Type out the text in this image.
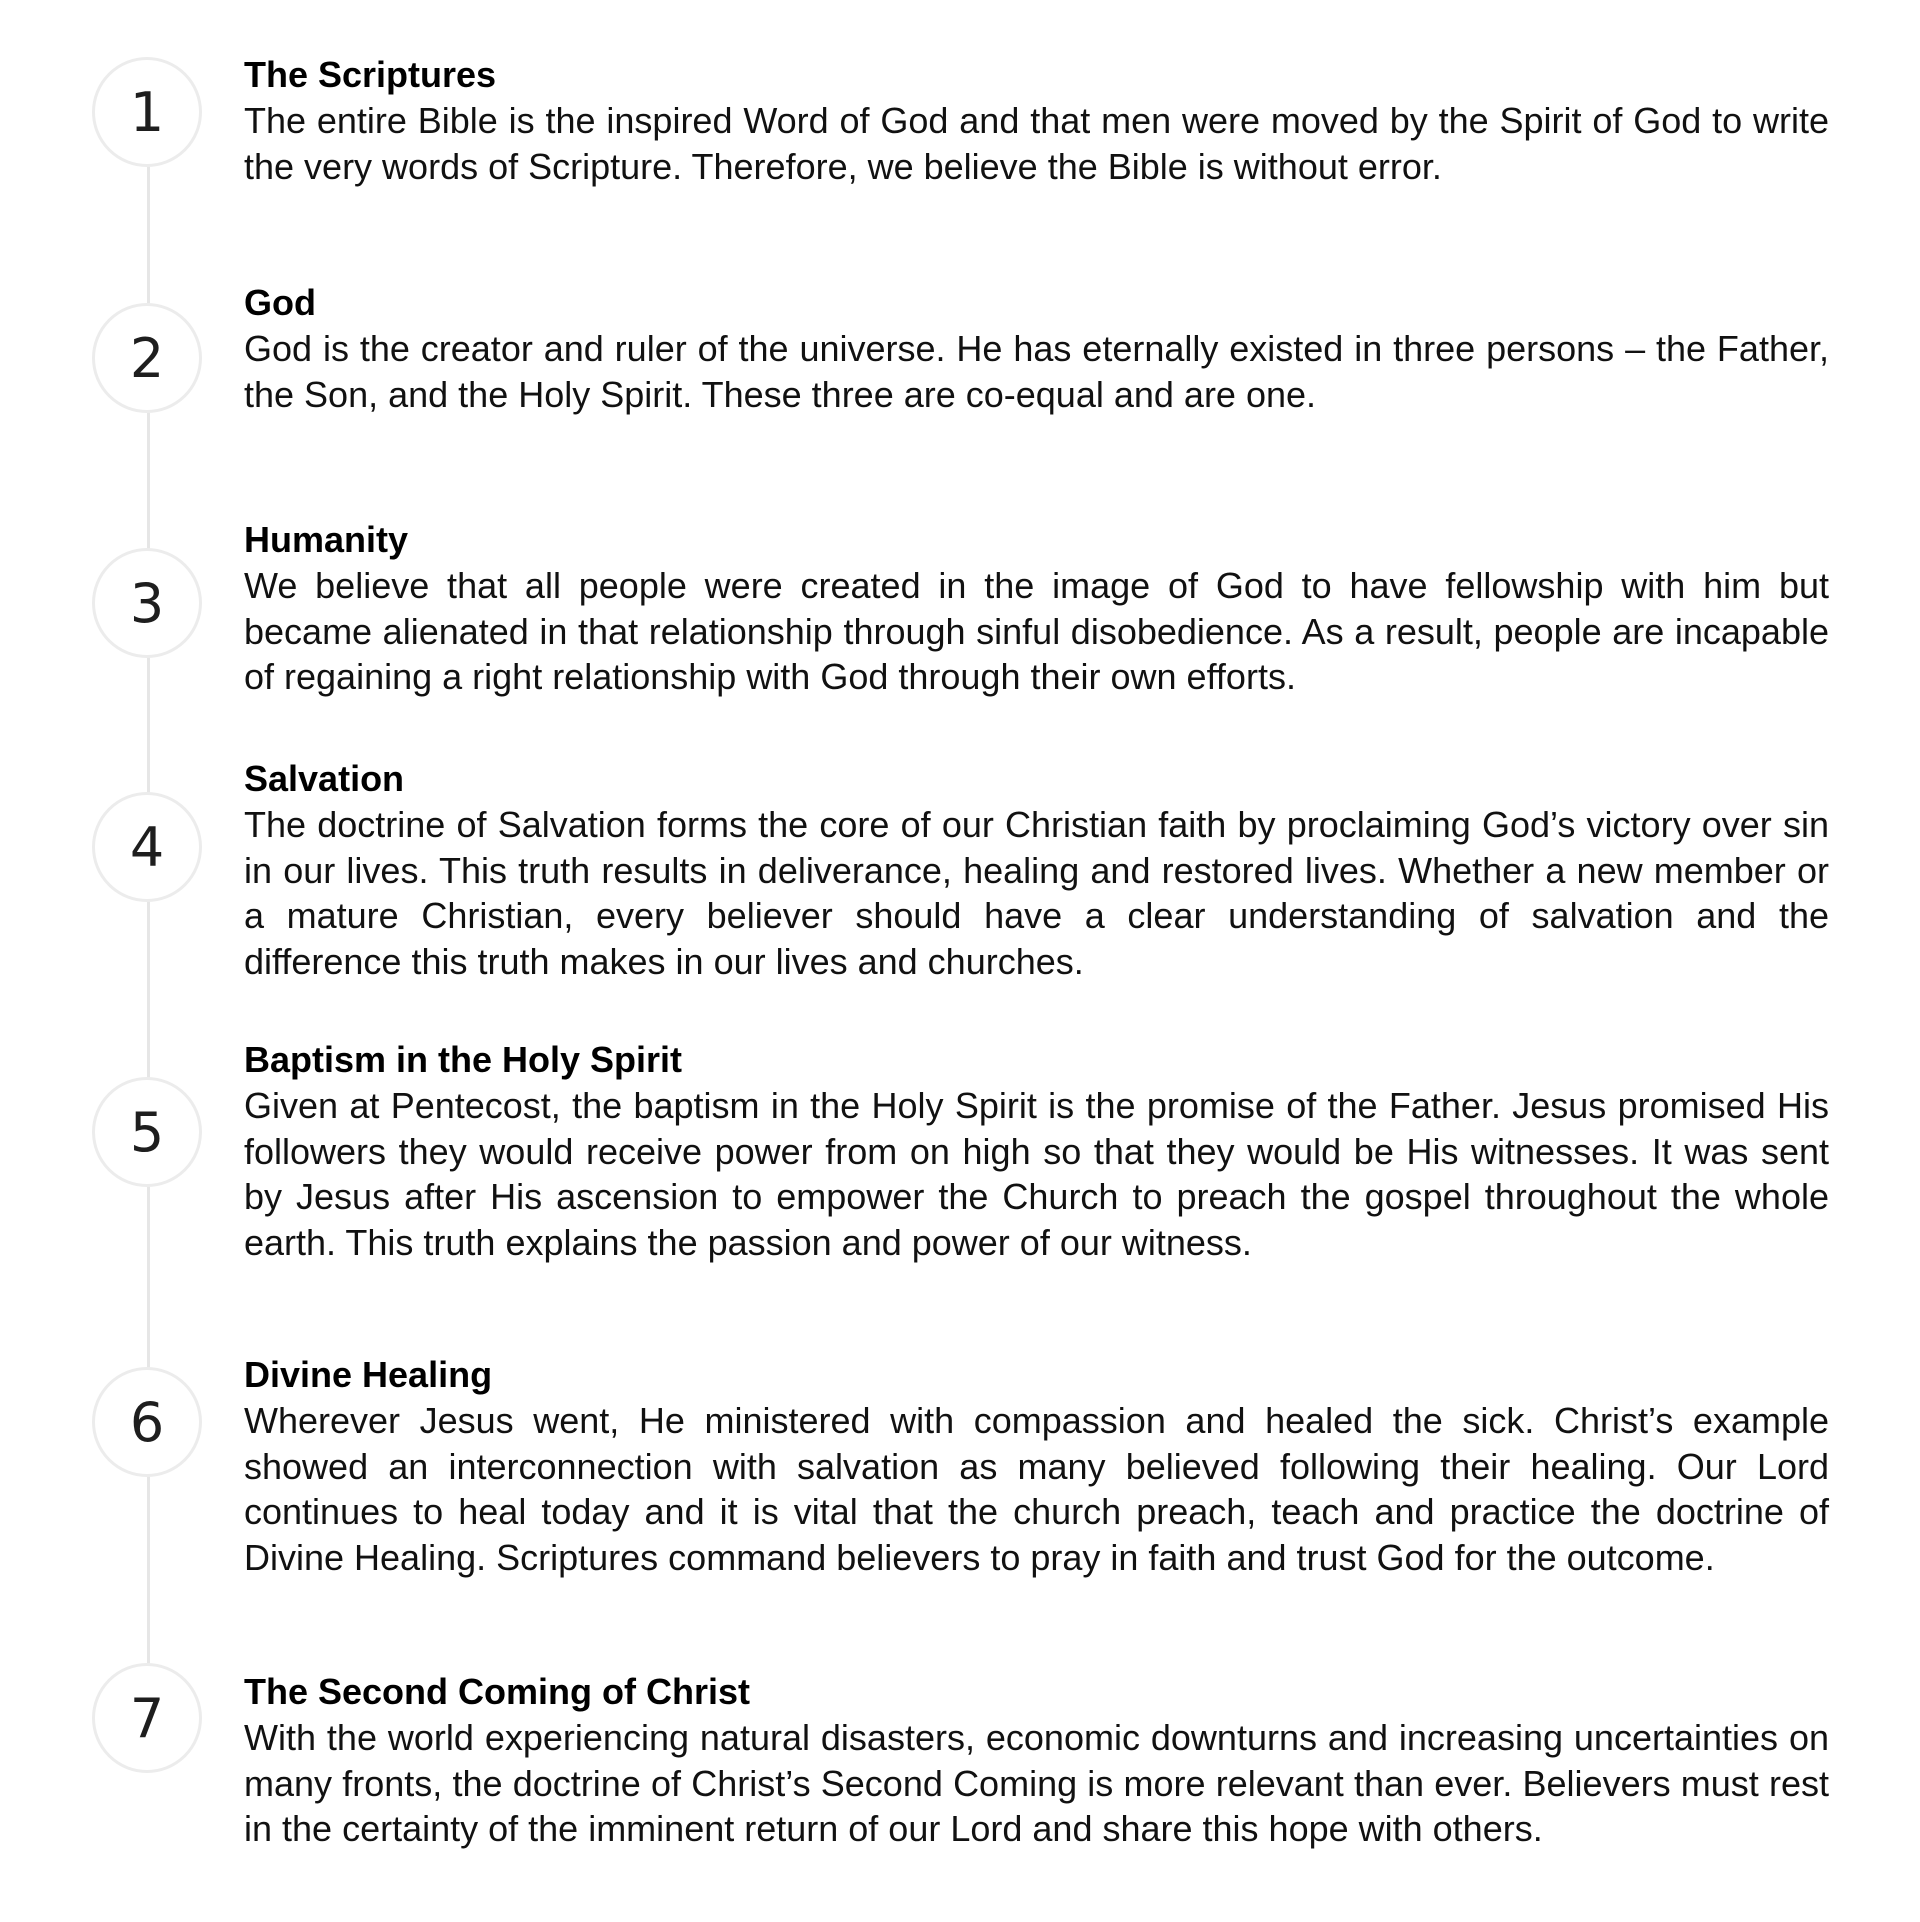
1
The Scriptures
The entire Bible is the inspired Word of God and that men were moved by the Spirit of God to write the very words of Scripture. Therefore, we believe the Bible is without error.
2
God
God is the creator and ruler of the universe. He has eternally existed in three persons – the Father, the Son, and the Holy Spirit. These three are co-equal and are one.
3
Humanity
We believe that all people were created in the image of God to have fellowship with him but became alienated in that relationship through sinful disobedience. As a result, people are incapable of regaining a right relationship with God through their own efforts.
4
Salvation
The doctrine of Salvation forms the core of our Christian faith by proclaiming God’s victory over sin in our lives. This truth results in deliverance, healing and restored lives. Whether a new member or a mature Christian, every believer should have a clear understanding of salvation and the difference this truth makes in our lives and churches.
5
Baptism in the Holy Spirit
Given at Pentecost, the baptism in the Holy Spirit is the promise of the Father. Jesus promised His followers they would receive power from on high so that they would be His witnesses. It was sent by Jesus after His ascension to empower the Church to preach the gospel throughout the whole earth. This truth explains the passion and power of our witness.
6
Divine Healing
Wherever Jesus went, He ministered with compassion and healed the sick. Christ’s example showed an interconnection with salvation as many believed following their healing. Our Lord continues to heal today and it is vital that the church preach, teach and practice the doctrine of Divine Healing. Scriptures command believers to pray in faith and trust God for the outcome.
7	The Second Coming of Christ
With the world experiencing natural disasters, economic downturns and increasing uncertainties on many fronts, the doctrine of Christ’s Second Coming is more relevant than ever. Believers must rest in the certainty of the imminent return of our Lord and share this hope with others.
